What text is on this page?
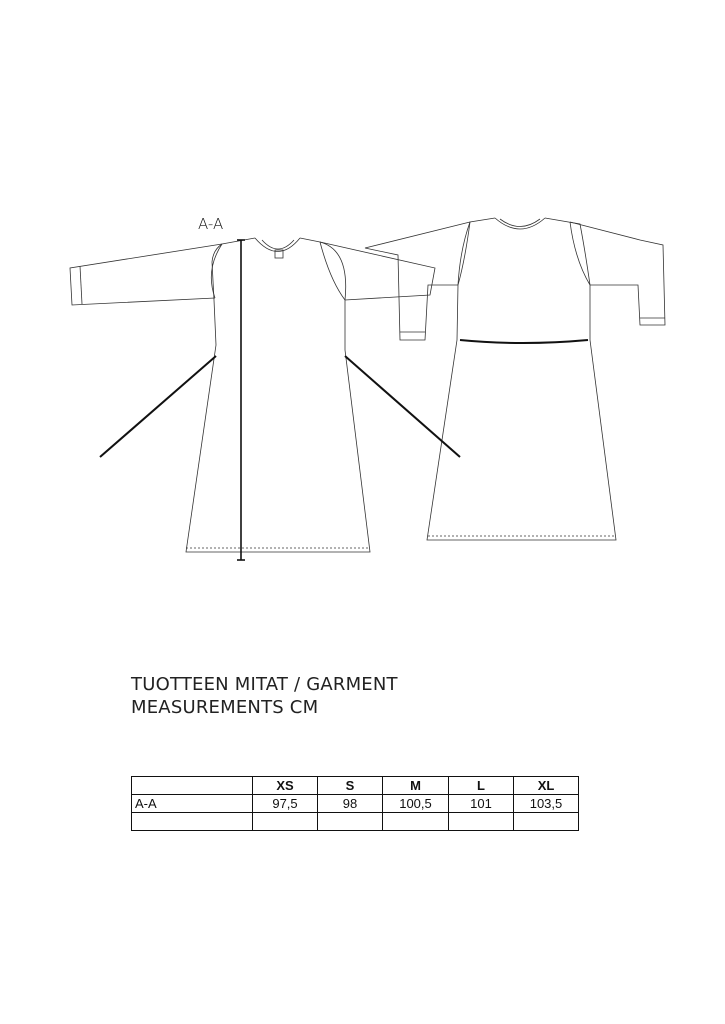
A-A
TUOTTEEN MITAT / GARMENT
MEASUREMENTS CM
	XS	S	M	L	XL
A-A	97,5	98	100,5	101	103,5
